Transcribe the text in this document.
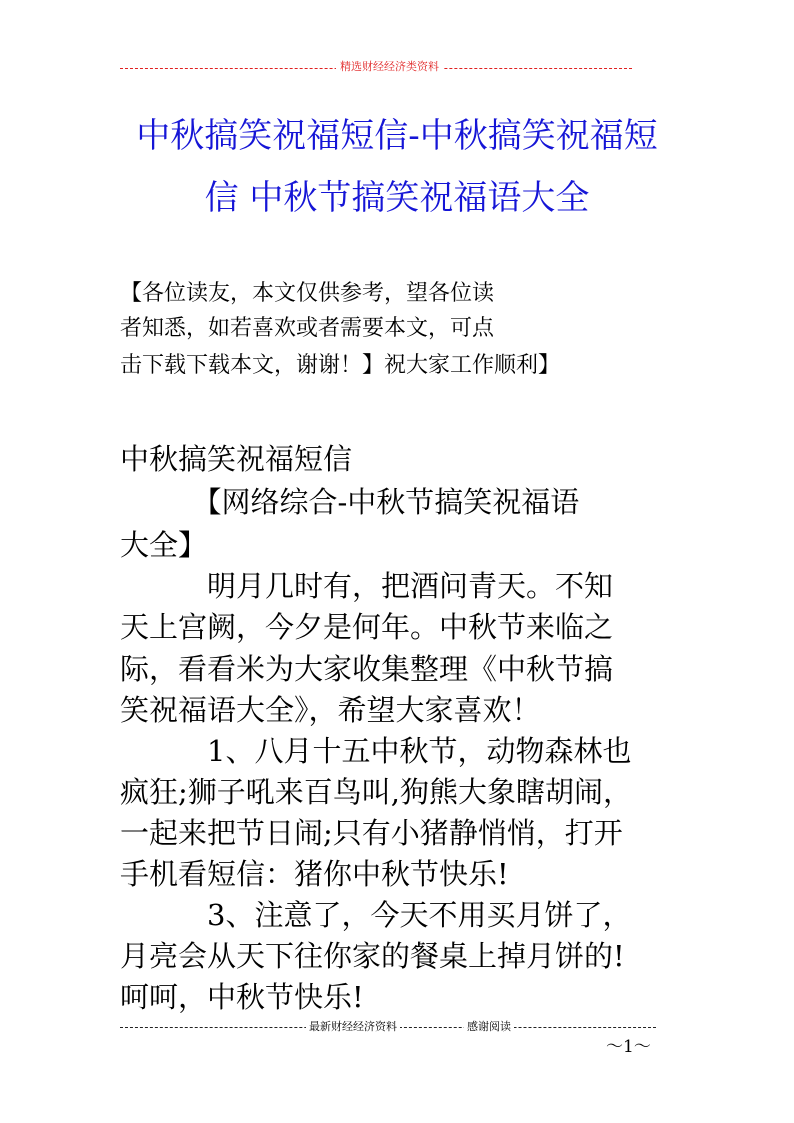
精选财经经济类资料
中秋搞笑祝福短信-中秋搞笑祝福短
信 中秋节搞笑祝福语大全
【各位读友，本文仅供参考，望各位读
者知悉，如若喜欢或者需要本文，可点
击下载下载本文，谢谢！】祝大家工作顺利】
中秋搞笑祝福短信
　　　【网络综合-中秋节搞笑祝福语
大全】
　　　明月几时有，把酒问青天。不知
天上宫阙，今夕是何年。中秋节来临之
际，看看米为大家收集整理《中秋节搞
笑祝福语大全》，希望大家喜欢！
　　　1、八月十五中秋节，动物森林也
疯狂;狮子吼来百鸟叫,狗熊大象瞎胡闹，
一起来把节日闹;只有小猪静悄悄，打开
手机看短信：猪你中秋节快乐!
　　　3、注意了，今天不用买月饼了，
月亮会从天下往你家的餐桌上掉月饼的!
呵呵，中秋节快乐!
最新财经经济资料	感谢阅读
～1～
